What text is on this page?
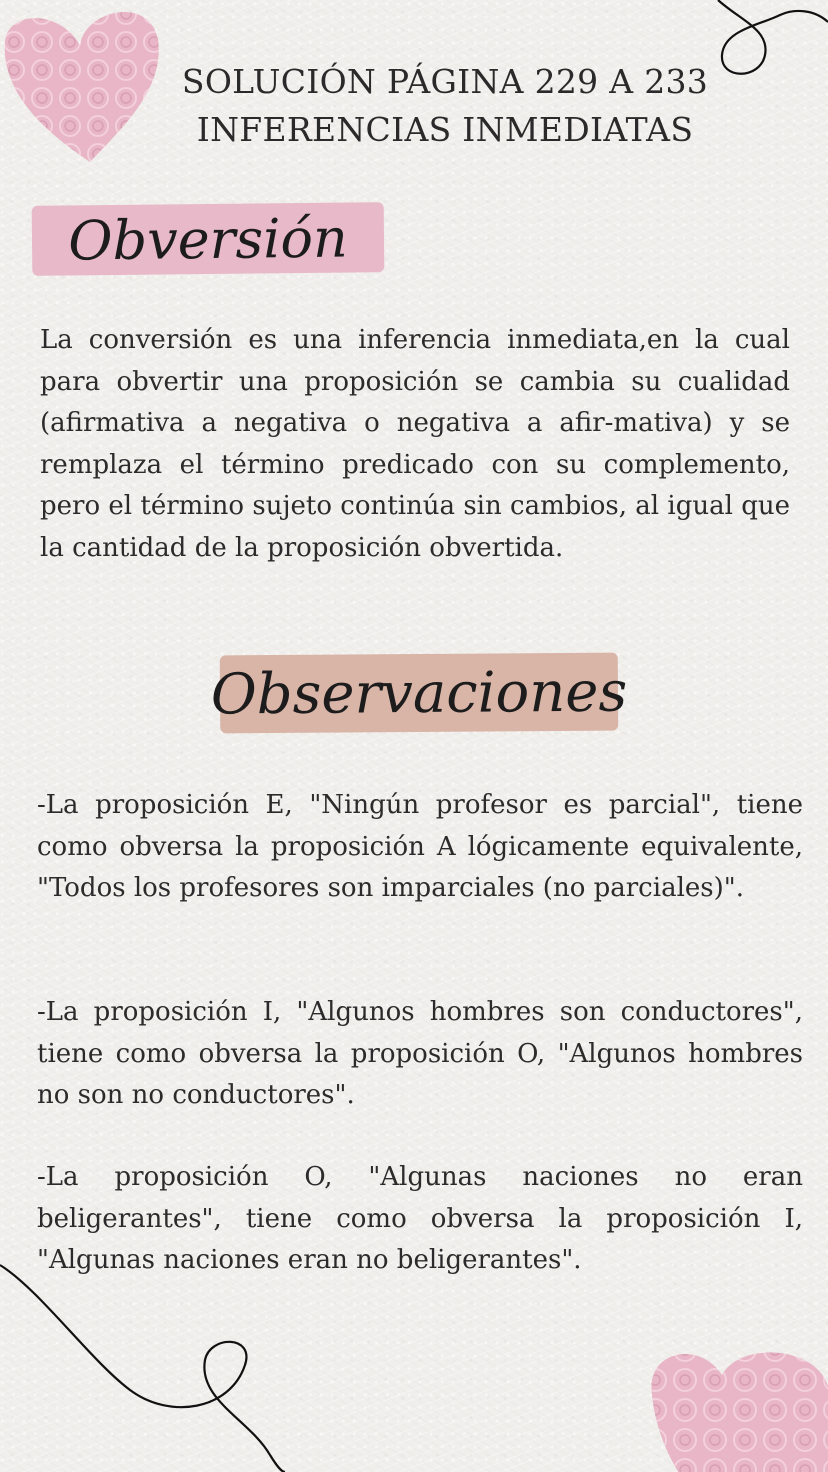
SOLUCIÓN PÁGINA 229 A 233
INFERENCIAS INMEDIATAS
Obversión

La conversión es una inferencia inmediata,en la cual para obvertir una proposición se cambia su cualidad (afirmativa a negativa o negativa a afir-mativa) y se remplaza el término predicado con su complemento, pero el término sujeto continúa sin cambios, al igual que la cantidad de la proposición obvertida.

Observaciones

-La proposición E, "Ningún profesor es parcial", tiene como obversa la proposición A lógicamente equivalente, "Todos los profesores son imparciales (no parciales)".

-La proposición I, "Algunos hombres son conductores", tiene como obversa la proposición O, "Algunos hombres no son no conductores".

-La proposición O, "Algunas naciones no eran beligerantes", tiene como obversa la proposición I, "Algunas naciones eran no beligerantes".
